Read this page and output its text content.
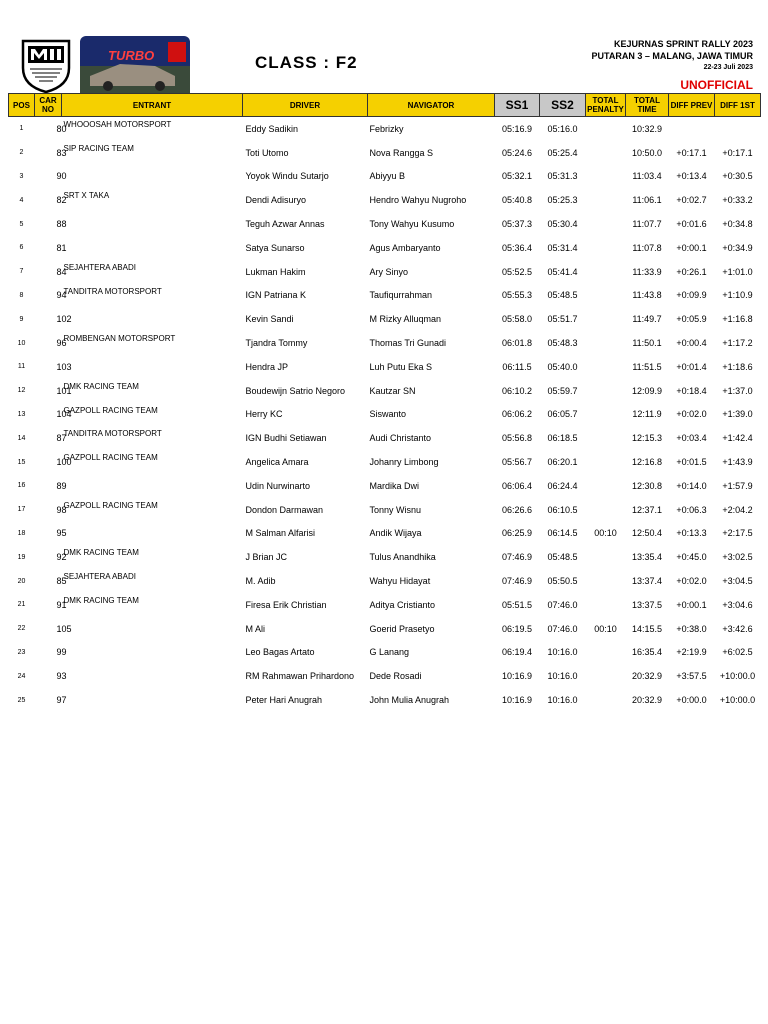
TURBO	CLASS : F2
KEJURNAS SPRINT RALLY 2023
PUTARAN 3 – MALANG, JAWA TIMUR
22-23 Juli 2023
UNOFFICIAL
POS	CAR NO	ENTRANT	DRIVER	NAVIGATOR	SS1	SS2	TOTAL PENALTY	TOTAL TIME	DIFF PREV	DIFF 1ST
1	80	WHOOOSAH MOTORSPORT	Eddy Sadikin	Febrizky	05:16.9	05:16.0		10:32.9		
2	83	SIP RACING TEAM	Toti Utomo	Nova Rangga S	05:24.6	05:25.4		10:50.0	+0:17.1	+0:17.1
3	90		Yoyok Windu Sutarjo	Abiyyu B	05:32.1	05:31.3		11:03.4	+0:13.4	+0:30.5
4	82	SRT X TAKA	Dendi Adisuryo	Hendro Wahyu Nugroho	05:40.8	05:25.3		11:06.1	+0:02.7	+0:33.2
5	88		Teguh Azwar Annas	Tony Wahyu Kusumo	05:37.3	05:30.4		11:07.7	+0:01.6	+0:34.8
6	81		Satya Sunarso	Agus Ambaryanto	05:36.4	05:31.4		11:07.8	+0:00.1	+0:34.9
7	84	SEJAHTERA ABADI	Lukman Hakim	Ary Sinyo	05:52.5	05:41.4		11:33.9	+0:26.1	+1:01.0
8	94	TANDITRA MOTORSPORT	IGN Patriana K	Taufiqurrahman	05:55.3	05:48.5		11:43.8	+0:09.9	+1:10.9
9	102		Kevin Sandi	M Rizky Alluqman	05:58.0	05:51.7		11:49.7	+0:05.9	+1:16.8
10	96	ROMBENGAN MOTORSPORT	Tjandra Tommy	Thomas Tri Gunadi	06:01.8	05:48.3		11:50.1	+0:00.4	+1:17.2
11	103		Hendra JP	Luh Putu Eka S	06:11.5	05:40.0		11:51.5	+0:01.4	+1:18.6
12	101	DMK RACING TEAM	Boudewijn Satrio Negoro	Kautzar SN	06:10.2	05:59.7		12:09.9	+0:18.4	+1:37.0
13	104	GAZPOLL RACING TEAM	Herry KC	Siswanto	06:06.2	06:05.7		12:11.9	+0:02.0	+1:39.0
14	87	TANDITRA MOTORSPORT	IGN Budhi Setiawan	Audi Christanto	05:56.8	06:18.5		12:15.3	+0:03.4	+1:42.4
15	100	GAZPOLL RACING TEAM	Angelica Amara	Johanry Limbong	05:56.7	06:20.1		12:16.8	+0:01.5	+1:43.9
16	89		Udin Nurwinarto	Mardika Dwi	06:06.4	06:24.4		12:30.8	+0:14.0	+1:57.9
17	98	GAZPOLL RACING TEAM	Dondon Darmawan	Tonny Wisnu	06:26.6	06:10.5		12:37.1	+0:06.3	+2:04.2
18	95		M Salman Alfarisi	Andik Wijaya	06:25.9	06:14.5	00:10	12:50.4	+0:13.3	+2:17.5
19	92	DMK RACING TEAM	J Brian JC	Tulus Anandhika	07:46.9	05:48.5		13:35.4	+0:45.0	+3:02.5
20	85	SEJAHTERA ABADI	M. Adib	Wahyu Hidayat	07:46.9	05:50.5		13:37.4	+0:02.0	+3:04.5
21	91	DMK RACING TEAM	Firesa Erik Christian	Aditya Cristianto	05:51.5	07:46.0		13:37.5	+0:00.1	+3:04.6
22	105		M Ali	Goerid Prasetyo	06:19.5	07:46.0	00:10	14:15.5	+0:38.0	+3:42.6
23	99		Leo Bagas Artato	G Lanang	06:19.4	10:16.0		16:35.4	+2:19.9	+6:02.5
24	93		RM Rahmawan Prihardono	Dede Rosadi	10:16.9	10:16.0		20:32.9	+3:57.5	+10:00.0
25	97		Peter Hari Anugrah	John Mulia Anugrah	10:16.9	10:16.0		20:32.9	+0:00.0	+10:00.0
